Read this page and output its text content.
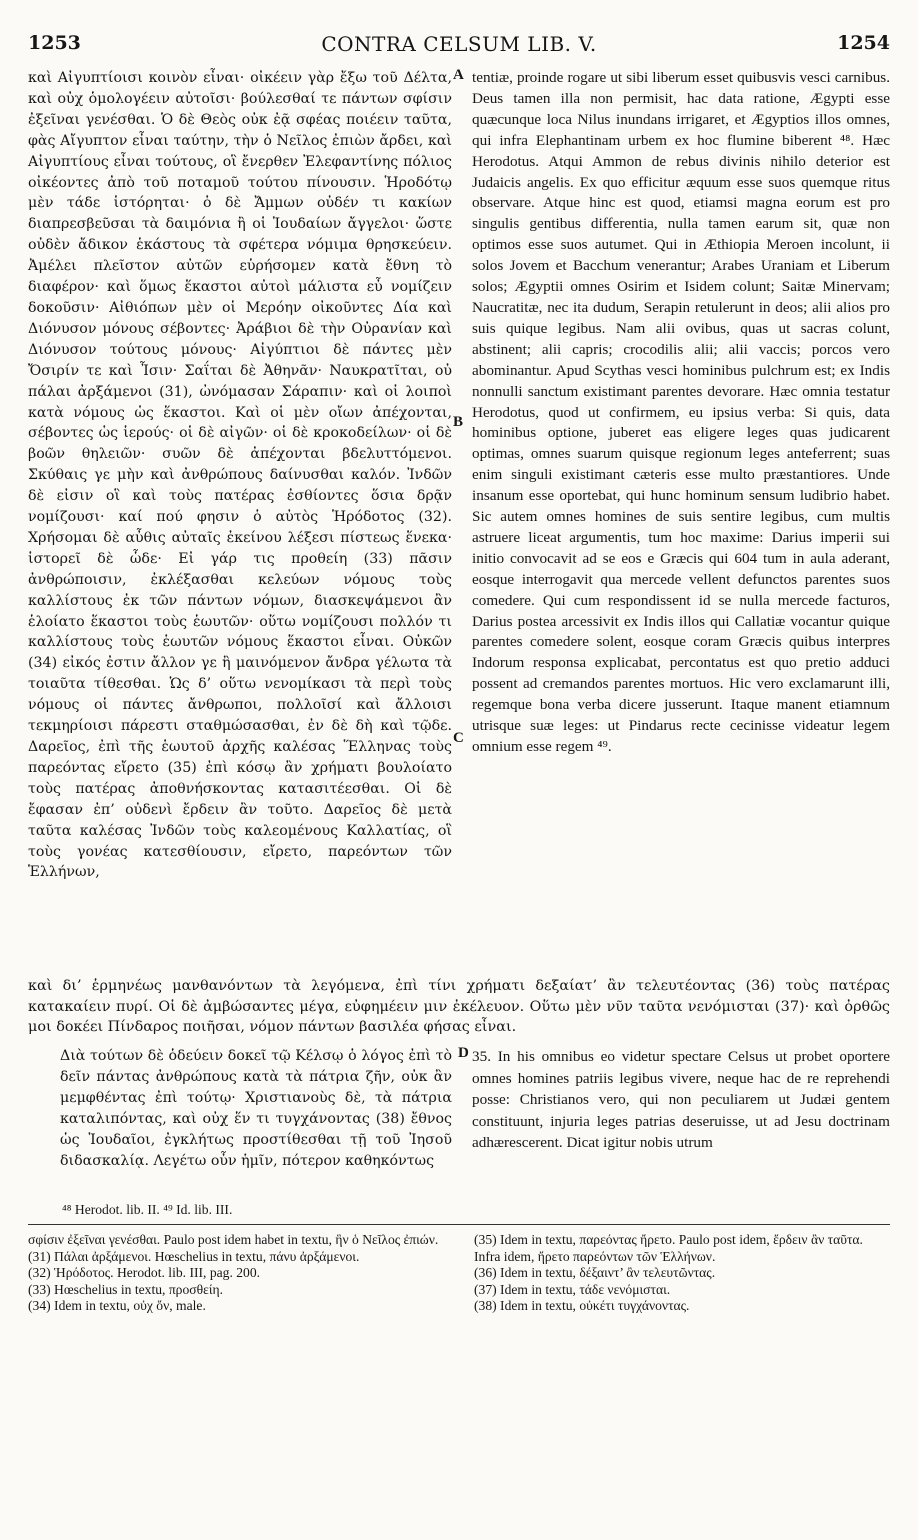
1253	CONTRA CELSUM LIB. V.	1254

καὶ Αἰγυπτίοισι κοινὸν εἶναι· οἰκέειν γὰρ ἔξω τοῦ Δέλτα, καὶ οὐχ ὁμολογέειν αὐτοῖσι· βούλεσθαί τε πάντων σφίσιν ἐξεῖναι γενέσθαι. Ὁ δὲ Θεὸς οὐκ ἐᾷ σφέας ποιέειν ταῦτα, φὰς Αἴγυπτον εἶναι ταύτην, τὴν ὁ Νεῖλος ἐπιὼν ἄρδει, καὶ Αἰγυπτίους εἶναι τούτους, οἳ ἔνερθεν Ἐλεφαντίνης πόλιος οἰκέοντες ἀπὸ τοῦ ποταμοῦ τούτου πίνουσιν. Ἡροδότῳ μὲν τάδε ἱστόρηται· ὁ δὲ Ἄμμων οὐδέν τι κακίων διαπρεσβεῦσαι τὰ δαιμόνια ἢ οἱ Ἰουδαίων ἄγγελοι· ὥστε οὐδὲν ἄδικον ἑκάστους τὰ σφέτερα νόμιμα θρησκεύειν. Ἀμέλει πλεῖστον αὐτῶν εὑρήσομεν κατὰ ἔθνη τὸ διαφέρον· καὶ ὅμως ἕκαστοι αὐτοὶ μάλιστα εὖ νομίζειν δοκοῦσιν· Αἰθιόπων μὲν οἱ Μερόην οἰκοῦντες Δία καὶ Διόνυσον μόνους σέβοντες· Ἀράβιοι δὲ τὴν Οὐρανίαν καὶ Διόνυσον τούτους μόνους· Αἰγύπτιοι δὲ πάντες μὲν Ὄσιρίν τε καὶ Ἶσιν· Σαΐται δὲ Ἀθηνᾶν· Ναυκρατῖται, οὐ πάλαι ἀρξάμενοι (31), ὠνόμασαν Σάραπιν· καὶ οἱ λοιποὶ κατὰ νόμους ὡς ἕκαστοι. Καὶ οἱ μὲν οἴων ἀπέχονται, σέβοντες ὡς ἱερούς· οἱ δὲ αἰγῶν· οἱ δὲ κροκοδείλων· οἱ δὲ βοῶν θηλειῶν· συῶν δὲ ἀπέχονται βδελυττόμενοι. Σκύθαις γε μὴν καὶ ἀνθρώπους δαίνυσθαι καλόν. Ἰνδῶν δὲ εἰσιν οἳ καὶ τοὺς πατέρας ἐσθίοντες ὅσια δρᾷν νομίζουσι· καί πού φησιν ὁ αὐτὸς Ἡρόδοτος (32). Χρήσομαι δὲ αὖθις αὐταῖς ἐκείνου λέξεσι πίστεως ἕνεκα· ἱστορεῖ δὲ ὧδε· Εἰ γάρ τις προθείη (33) πᾶσιν ἀνθρώποισιν, ἐκλέξασθαι κελεύων νόμους τοὺς καλλίστους ἐκ τῶν πάντων νόμων, διασκεψάμενοι ἂν ἑλοίατο ἕκαστοι τοὺς ἑωυτῶν· οὕτω νομίζουσι πολλόν τι καλλίστους τοὺς ἑωυτῶν νόμους ἕκαστοι εἶναι. Οὐκῶν (34) εἰκός ἐστιν ἄλλον γε ἢ μαινόμενον ἄνδρα γέλωτα τὰ τοιαῦτα τίθεσθαι. Ὡς δ’ οὕτω νενομίκασι τὰ περὶ τοὺς νόμους οἱ πάντες ἄνθρωποι, πολλοῖσί καὶ ἄλλοισι τεκμηρίοισι πάρεστι σταθμώσασθαι, ἐν δὲ δὴ καὶ τῷδε. Δαρεῖος, ἐπὶ τῆς ἑωυτοῦ ἀρχῆς καλέσας Ἕλληνας τοὺς παρεόντας εἴρετο (35) ἐπὶ κόσῳ ἂν χρήματι βουλοίατο τοὺς πατέρας ἀποθνήσκοντας κατασιτέεσθαι. Οἱ δὲ ἔφασαν ἐπ’ οὐδενὶ ἔρδειν ἂν τοῦτο. Δαρεῖος δὲ μετὰ ταῦτα καλέσας Ἰνδῶν τοὺς καλεομένους Καλλατίας, οἳ τοὺς γονέας κατεσθίουσιν, εἴρετο, παρεόντων τῶν Ἑλλήνων,

A
B
C

tentiæ, proinde rogare ut sibi liberum esset quibusvis vesci carnibus. Deus tamen illa non permisit, hac data ratione, Ægypti esse quæcunque loca Nilus inundans irrigaret, et Ægyptios illos omnes, qui infra Elephantinam urbem ex hoc flumine biberent ⁴⁸. Hæc Herodotus. Atqui Ammon de rebus divinis nihilo deterior est Judaicis angelis. Ex quo efficitur æquum esse suos quemque ritus observare. Atque hinc est quod, etiamsi magna eorum est pro singulis gentibus differentia, nulla tamen earum sit, quæ non optimos esse suos autumet. Qui in Æthiopia Meroen incolunt, ii solos Jovem et Bacchum venerantur; Arabes Uraniam et Liberum solos; Ægyptii omnes Osirim et Isidem colunt; Saitæ Minervam; Naucratitæ, nec ita dudum, Serapin retulerunt in deos; alii alios pro suis quique legibus. Nam alii ovibus, quas ut sacras colunt, abstinent; alii capris; crocodilis alii; alii vaccis; porcos vero abominantur. Apud Scythas vesci hominibus pulchrum est; ex Indis nonnulli sanctum existimant parentes devorare. Hæc omnia testatur Herodotus, quod ut confirmem, eu ipsius verba: Si quis, data hominibus optione, juberet eas eligere leges quas judicarent optimas, omnes suarum quisque regionum leges anteferrent; suas enim singuli existimant cæteris esse multo præstantiores. Unde insanum esse oportebat, qui hunc hominum sensum ludibrio habet. Sic autem omnes homines de suis sentire legibus, cum multis astruere liceat argumentis, tum hoc maxime: Darius imperii sui initio convocavit ad se eos e Græcis qui 604 tum in aula aderant, eosque interrogavit qua mercede vellent defunctos parentes suos comedere. Qui cum respondissent id se nulla mercede facturos, Darius postea arcessivit ex Indis illos qui Callatiæ vocantur quique parentes comedere solent, eosque coram Græcis quibus interpres Indorum responsa explicabat, percontatus est quo pretio adduci possent ad cremandos parentes mortuos. Hic vero exclamarunt illi, regemque bona verba dicere jusserunt. Itaque manent etiamnum utrisque suæ leges: ut Pindarus recte cecinisse videatur legem omnium esse regem ⁴⁹.

καὶ δι’ ἑρμηνέως μανθανόντων τὰ λεγόμενα, ἐπὶ τίνι χρήματι δεξαίατ’ ἂν τελευτέοντας (36) τοὺς πατέρας κατακαίειν πυρί. Οἱ δὲ ἀμβώσαντες μέγα, εὐφημέειν μιν ἐκέλευον. Οὕτω μὲν νῦν ταῦτα νενόμισται (37)· καὶ ὀρθῶς μοι δοκέει Πίνδαρος ποιῆσαι, νόμον πάντων βασιλέα φήσας εἶναι.

Διὰ τούτων δὲ ὁδεύειν δοκεῖ τῷ Κέλσῳ ὁ λόγος ἐπὶ τὸ δεῖν πάντας ἀνθρώπους κατὰ τὰ πάτρια ζῆν, οὐκ ἂν μεμφθέντας ἐπὶ τούτῳ· Χριστιανοὺς δὲ, τὰ πάτρια καταλιπόντας, καὶ οὐχ ἕν τι τυγχάνοντας (38) ἔθνος ὡς Ἰουδαῖοι, ἐγκλήτως προστίθεσθαι τῇ τοῦ Ἰησοῦ διδασκαλίᾳ. Λεγέτω οὖν ἡμῖν, πότερον καθηκόντως

D 35. In his omnibus eo videtur spectare Celsus ut probet oportere omnes homines patriis legibus vivere, neque hac de re reprehendi posse: Christianos vero, qui non peculiarem ut Judæi gentem constituunt, injuria leges patrias deseruisse, ut ad Jesu doctrinam adhærescerent. Dicat igitur nobis utrum

⁴⁸ Herodot. lib. II. ⁴⁹ Id. lib. III.
σφίσιν ἐξεῖναι γενέσθαι. Paulo post idem habet in textu, ἣν ὁ Νεῖλος ἐπιών.
(31) Πάλαι ἀρξάμενοι. Hœschelius in textu, πάνυ ἀρξάμενοι.
(32) Ἡρόδοτος. Herodot. lib. III, pag. 200.
(33) Hœschelius in textu, προσθείη.
(34) Idem in textu, οὐχ ὄν, male.
(35) Idem in textu, παρεόντας ἤρετο. Paulo post idem, ἔρδειν ἂν ταῦτα. Infra idem, ἤρετο παρεόντων τῶν Ἑλλήνων.
(36) Idem in textu, δέξαιντ’ ἂν τελευτῶντας.
(37) Idem in textu, τάδε νενόμισται.
(38) Idem in textu, οὐκέτι τυγχάνοντας.
